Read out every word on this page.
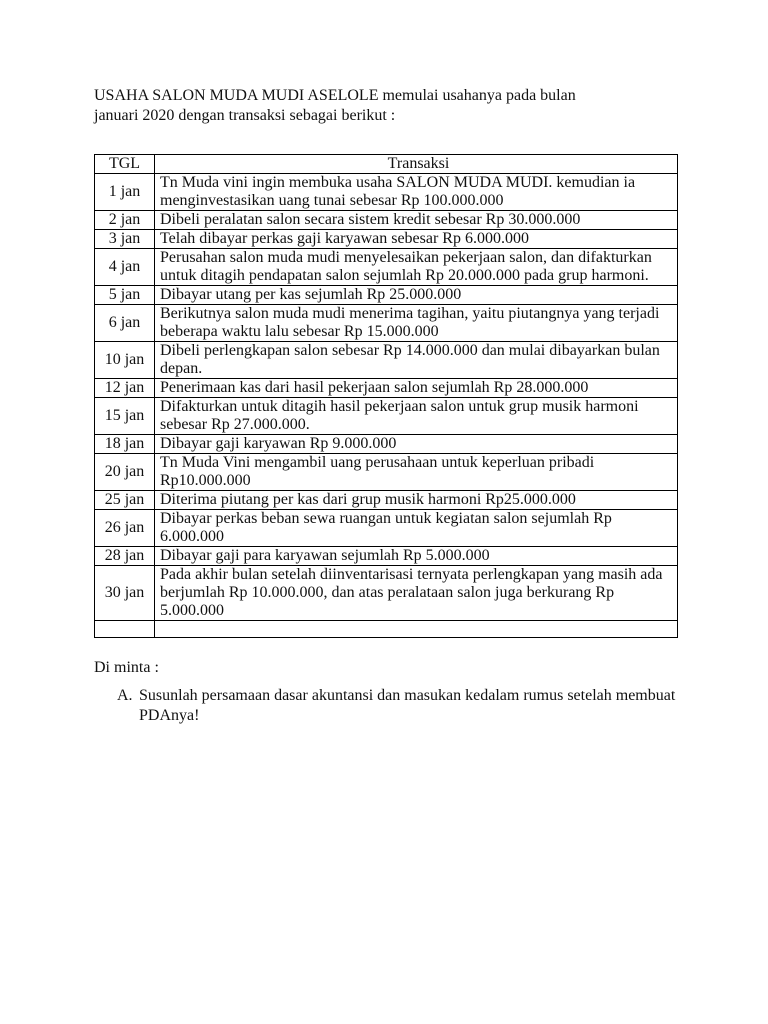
USAHA SALON MUDA MUDI ASELOLE memulai usahanya pada bulan
januari 2020 dengan transaksi sebagai berikut :

TGL	Transaksi
1 jan	Tn Muda vini ingin membuka usaha SALON MUDA MUDI. kemudian ia menginvestasikan uang tunai sebesar Rp 100.000.000
2 jan	Dibeli peralatan salon secara sistem kredit sebesar Rp 30.000.000
3 jan	Telah dibayar perkas gaji karyawan sebesar Rp 6.000.000
4 jan	Perusahan salon muda mudi menyelesaikan pekerjaan salon, dan difakturkan untuk ditagih pendapatan salon sejumlah Rp 20.000.000 pada grup harmoni.
5 jan	Dibayar utang per kas sejumlah Rp 25.000.000
6 jan	Berikutnya salon muda mudi menerima tagihan, yaitu piutangnya yang terjadi beberapa waktu lalu sebesar Rp 15.000.000
10 jan	Dibeli perlengkapan salon sebesar Rp 14.000.000 dan mulai dibayarkan bulan depan.
12 jan	Penerimaan kas dari hasil pekerjaan salon sejumlah Rp 28.000.000
15 jan	Difakturkan untuk ditagih hasil pekerjaan salon untuk grup musik harmoni sebesar Rp 27.000.000.
18 jan	Dibayar gaji karyawan Rp 9.000.000
20 jan	Tn Muda Vini mengambil uang perusahaan untuk keperluan pribadi Rp10.000.000
25 jan	Diterima piutang per kas dari grup musik harmoni Rp25.000.000
26 jan	Dibayar perkas beban sewa ruangan untuk kegiatan salon sejumlah Rp 6.000.000
28 jan	Dibayar gaji para karyawan sejumlah Rp 5.000.000
30 jan	Pada akhir bulan setelah diinventarisasi ternyata perlengkapan yang masih ada berjumlah Rp 10.000.000, dan atas peralataan salon juga berkurang Rp 5.000.000

Di minta :

A. Susunlah persamaan dasar akuntansi dan masukan kedalam rumus setelah membuat PDAnya!
